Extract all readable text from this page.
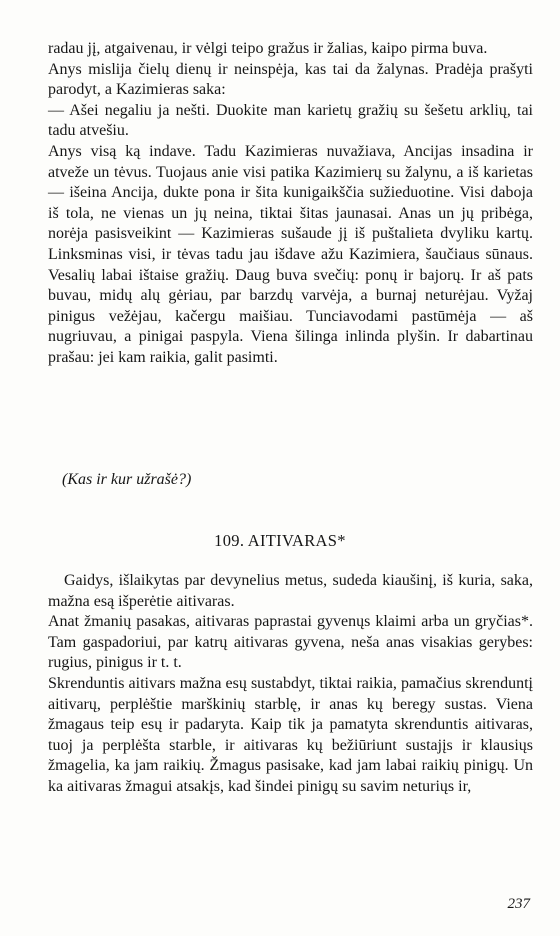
radau jį, atgaivenau, ir vėlgi teipo gražus ir žalias, kaipo pirma buva.

Anys mislija čielų dienų ir neinspėja, kas tai da žalynas. Pradėja prašyti parodyt, a Kazimieras saka:

— Ašei negaliu ja nešti. Duokite man karietų gražių su šešetu arklių, tai tadu atvešiu.

Anys visą ką indave. Tadu Kazimieras nuvažiava, Ancijas insadina ir atveže un tėvus. Tuojaus anie visi patika Kazimierų su žalynu, a iš karietas — išeina Ancija, dukte pona ir šita kunigaikščia sužieduotine. Visi daboja iš tola, ne vienas un jų neina, tiktai šitas jaunasai. Anas un jų pribėga, norėja pasisveikint — Kazimieras sušaude jį iš puštalieta dvyliku kartų. Linksminas visi, ir tėvas tadu jau išdave ažu Kazimiera, šaučiaus sūnaus. Vesalių labai ištaise gražių. Daug buva svečių: ponų ir bajorų. Ir aš pats buvau, midų alų gėriau, par barzdų varvėja, a burnaj neturėjau. Vyžaj pinigus vežėjau, kačergu maišiau. Tunciavodami pastūmėja — aš nugriuvau, a pinigai paspyla. Viena šilinga inlinda plyšin. Ir dabartinau prašau: jei kam raikia, galit pasimti.

(Kas ir kur užrašė?)
109. AITIVARAS*

Gaidys, išlaikytas par devynelius metus, sudeda kiaušinį, iš kuria, saka, mažna esą išperėtie aitivaras.

Anat žmanių pasakas, aitivaras paprastai gyvenųs klaimi arba un gryčias*. Tam gaspadoriui, par katrų aitivaras gyvena, neša anas visakias gerybes: rugius, pinigus ir t. t.

Skrenduntis aitivars mažna esų sustabdyt, tiktai raikia, pamačius skrenduntį aitivarų, perplėštie marškinių starblę, ir anas kų beregy sustas. Viena žmagaus teip esų ir padaryta. Kaip tik ja pamatyta skrenduntis aitivaras, tuoj ja perplėšta starble, ir aitivaras kų bežiūriunt sustajįs ir klausiųs žmagelia, ka jam raikių. Žmagus pasisake, kad jam labai raikių pinigų. Un ka aitivaras žmagui atsakįs, kad šindei pinigų su savim neturiųs ir,

237
